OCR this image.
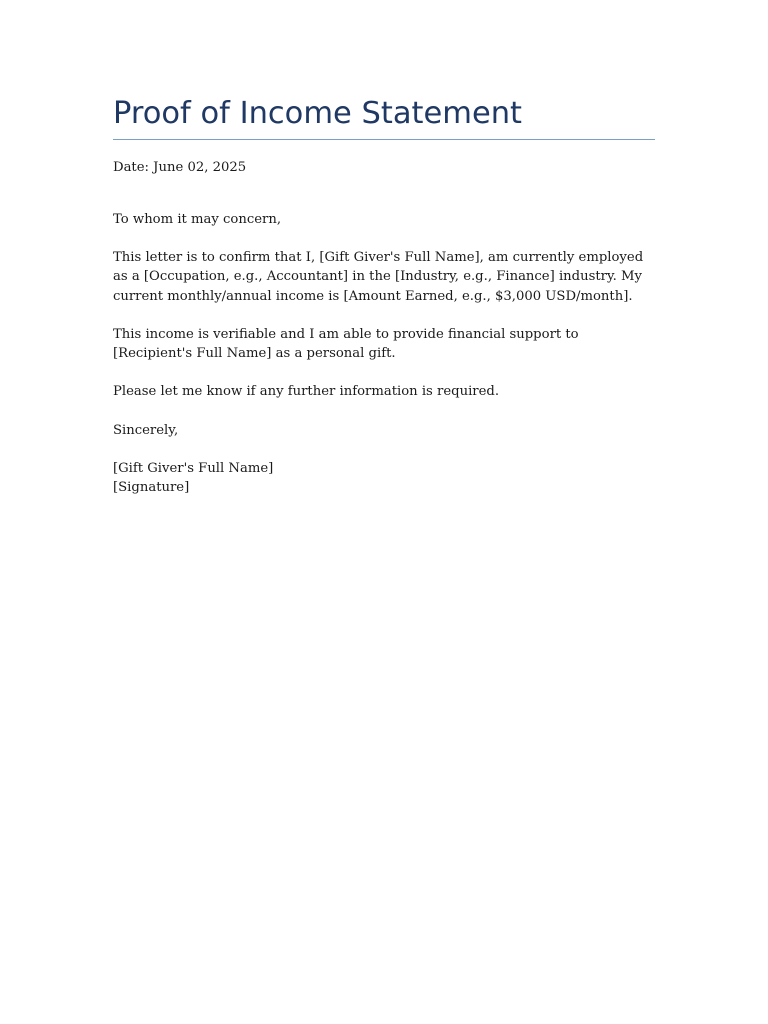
Proof of Income Statement

Date: June 02, 2025

To whom it may concern,

This letter is to confirm that I, [Gift Giver's Full Name], am currently employed as a [Occupation, e.g., Accountant] in the [Industry, e.g., Finance] industry. My current monthly/annual income is [Amount Earned, e.g., $3,000 USD/month].

This income is verifiable and I am able to provide financial support to [Recipient's Full Name] as a personal gift.

Please let me know if any further information is required.

Sincerely,

[Gift Giver's Full Name]
[Signature]
